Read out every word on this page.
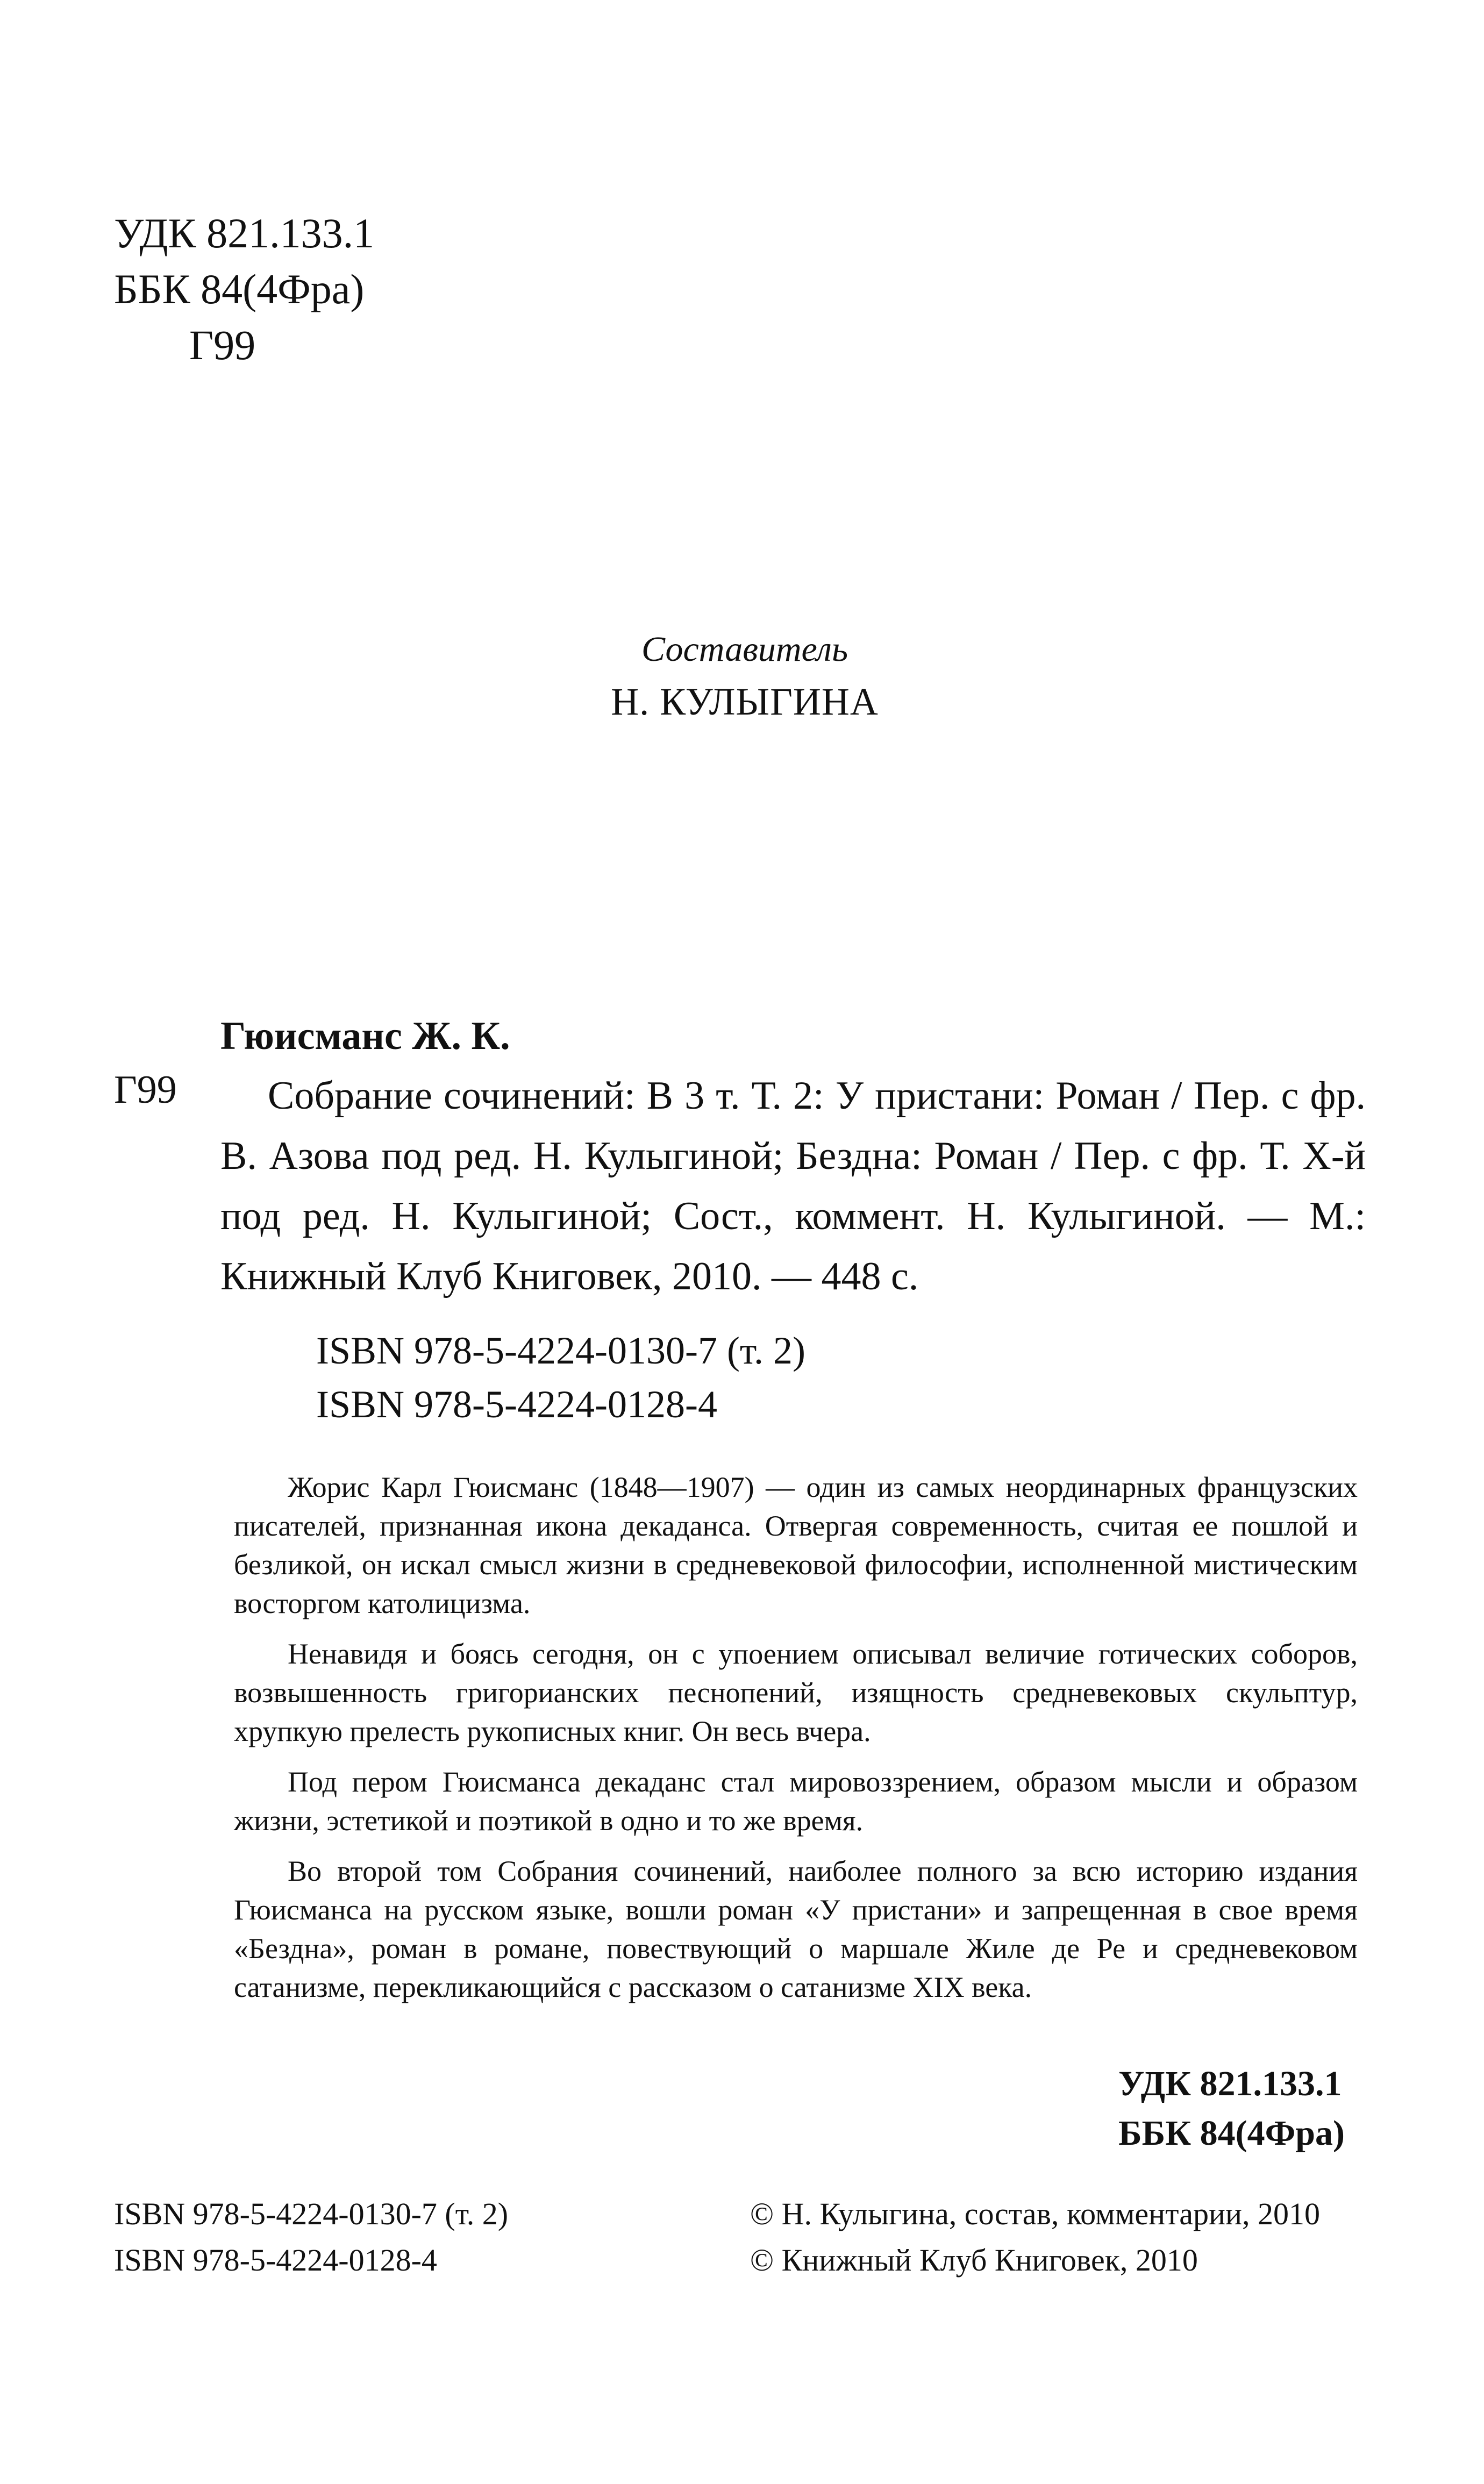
УДК 821.133.1
ББК 84(4Фра)
Г99
Составитель
Н. КУЛЫГИНА
Гюисманс Ж. К.
Г99	Собрание сочинений: В 3 т. Т. 2: У пристани: Роман / Пер. с фр. В. Азова под ред. Н. Кулыгиной; Бездна: Роман / Пер. с фр. Т. Х-й под ред. Н. Кулыгиной; Сост., коммент. Н. Кулыгиной. — М.: Книжный Клуб Книговек, 2010. — 448 с.
ISBN 978-5-4224-0130-7 (т. 2)
ISBN 978-5-4224-0128-4

Жорис Карл Гюисманс (1848—1907) — один из самых неординарных французских писателей, признанная икона декаданса. Отвергая современность, считая ее пошлой и безликой, он искал смысл жизни в средневековой философии, исполненной мистическим восторгом католицизма.

Ненавидя и боясь сегодня, он с упоением описывал величие готических соборов, возвышенность григорианских песнопений, изящность средневековых скульптур, хрупкую прелесть рукописных книг. Он весь вчера.

Под пером Гюисманса декаданс стал мировоззрением, образом мысли и образом жизни, эстетикой и поэтикой в одно и то же время.

Во второй том Собрания сочинений, наиболее полного за всю историю издания Гюисманса на русском языке, вошли роман «У пристани» и запрещенная в свое время «Бездна», роман в романе, повествующий о маршале Жиле де Ре и средневековом сатанизме, перекликающийся с рассказом о сатанизме XIX века.

УДК 821.133.1
ББК 84(4Фра)
ISBN 978-5-4224-0130-7 (т. 2)
ISBN 978-5-4224-0128-4
© Н. Кулыгина, состав, комментарии, 2010
© Книжный Клуб Книговек, 2010
